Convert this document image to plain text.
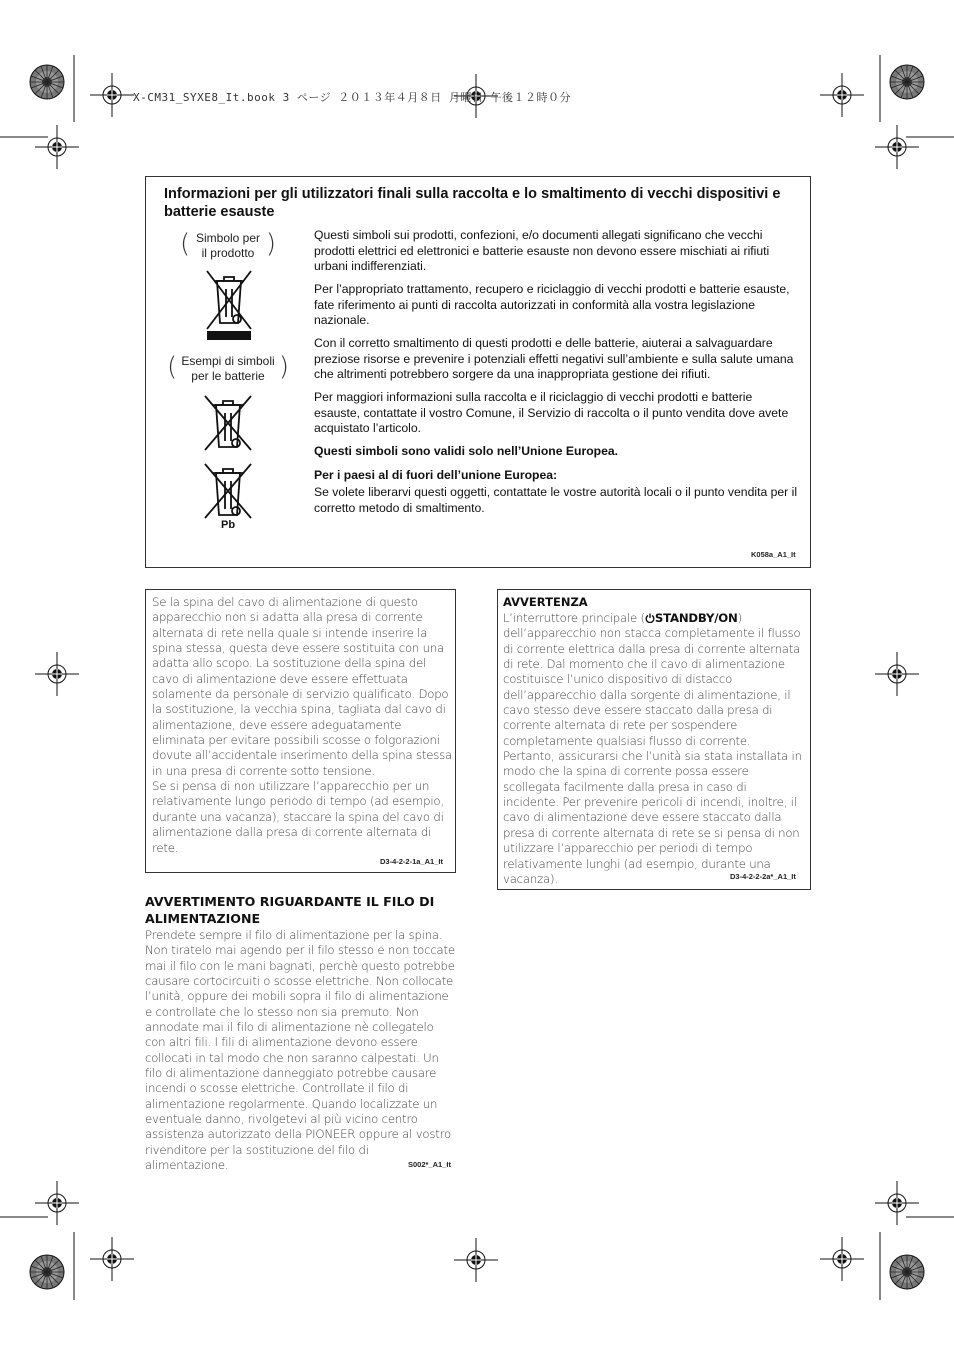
X-CM31_SYXE8_It.book 3 ページ ２０１３年４月８日 月曜日 午後１２時０分
Informazioni per gli utilizzatori finali sulla raccolta e lo smaltimento di vecchi dispositivi e batterie esauste
( Simbolo per il prodotto )
( Esempi di simboli per le batterie )
Pb

Questi simboli sui prodotti, confezioni, e/o documenti allegati significano che vecchi prodotti elettrici ed elettronici e batterie esauste non devono essere mischiati ai rifiuti urbani indifferenziati.

Per l’appropriato trattamento, recupero e riciclaggio di vecchi prodotti e batterie esauste, fate riferimento ai punti di raccolta autorizzati in conformità alla vostra legislazione nazionale.

Con il corretto smaltimento di questi prodotti e delle batterie, aiuterai a salvaguardare preziose risorse e prevenire i potenziali effetti negativi sull’ambiente e sulla salute umana che altrimenti potrebbero sorgere da una inappropriata gestione dei rifiuti.

Per maggiori informazioni sulla raccolta e il riciclaggio di vecchi prodotti e batterie esauste, contattate il vostro Comune, il Servizio di raccolta o il punto vendita dove avete acquistato l’articolo.

Questi simboli sono validi solo nell’Unione Europea.

Per i paesi al di fuori dell’unione Europea:

Se volete liberarvi questi oggetti, contattate le vostre autorità locali o il punto vendita per il corretto metodo di smaltimento.

K058a_A1_It

Se la spina del cavo di alimentazione di questo apparecchio non si adatta alla presa di corrente alternata di rete nella quale si intende inserire la spina stessa, questa deve essere sostituita con una adatta allo scopo. La sostituzione della spina del cavo di alimentazione deve essere effettuata solamente da personale di servizio qualificato. Dopo la sostituzione, la vecchia spina, tagliata dal cavo di alimentazione, deve essere adeguatamente eliminata per evitare possibili scosse o folgorazioni dovute all’accidentale inserimento della spina stessa in una presa di corrente sotto tensione.

Se si pensa di non utilizzare l’apparecchio per un relativamente lungo periodo di tempo (ad esempio, durante una vacanza), staccare la spina del cavo di alimentazione dalla presa di corrente alternata di rete.

D3-4-2-2-1a_A1_It
AVVERTENZA

L’interruttore principale ( STANDBY/ON)

dell’apparecchio non stacca completamente il flusso di corrente elettrica dalla presa di corrente alternata di rete. Dal momento che il cavo di alimentazione costituisce l’unico dispositivo di distacco dell’apparecchio dalla sorgente di alimentazione, il cavo stesso deve essere staccato dalla presa di corrente alternata di rete per sospendere completamente qualsiasi flusso di corrente. Pertanto, assicurarsi che l’unità sia stata installata in modo che la spina di corrente possa essere scollegata facilmente dalla presa in caso di incidente. Per prevenire pericoli di incendi, inoltre, il cavo di alimentazione deve essere staccato dalla presa di corrente alternata di rete se si pensa di non utilizzare l’apparecchio per periodi di tempo relativamente lunghi (ad esempio, durante una vacanza).	D3-4-2-2-2a*_A1_It
AVVERTIMENTO RIGUARDANTE IL FILO DI ALIMENTAZIONE

Prendete sempre il filo di alimentazione per la spina. Non tiratelo mai agendo per il filo stesso e non toccate mai il filo con le mani bagnati, perchè questo potrebbe causare cortocircuiti o scosse elettriche. Non collocate l’unità, oppure dei mobili sopra il filo di alimentazione e controllate che lo stesso non sia premuto. Non annodate mai il filo di alimentazione nè collegatelo con altri fili. I fili di alimentazione devono essere collocati in tal modo che non saranno calpestati. Un filo di alimentazione danneggiato potrebbe causare incendi o scosse elettriche. Controllate il filo di alimentazione regolarmente. Quando localizzate un eventuale danno, rivolgetevi al più vicino centro assistenza autorizzato della PIONEER oppure al vostro rivenditore per la sostituzione del filo di alimentazione.	S002*_A1_It
